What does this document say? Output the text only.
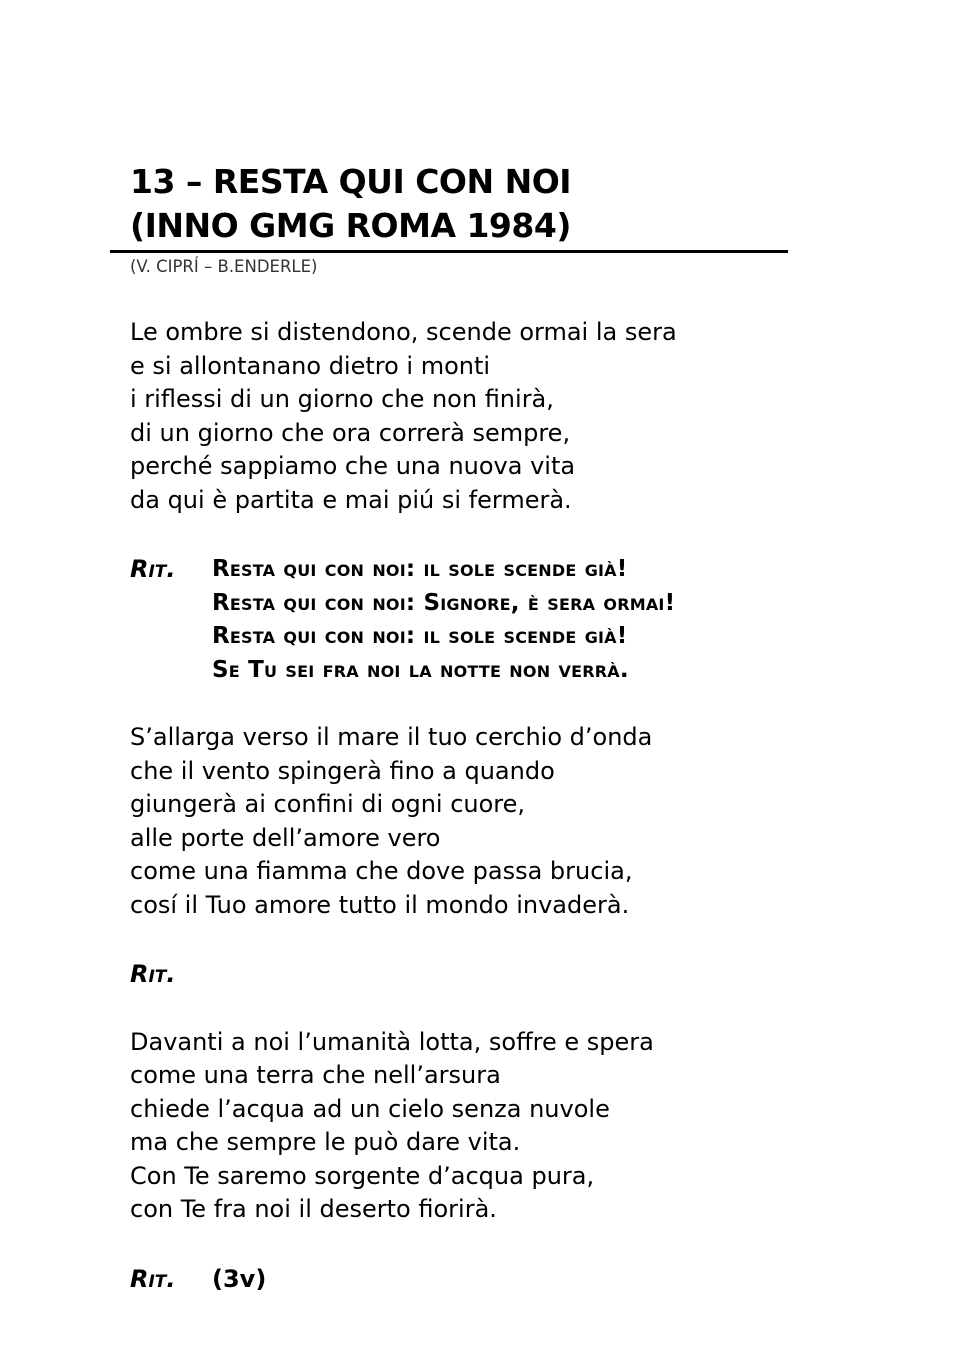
13 – RESTA QUI CON NOI
(INNO GMG ROMA 1984)
(V. CIPRÍ – B.ENDERLE)
Le ombre si distendono, scende ormai la sera
e si allontanano dietro i monti
i riflessi di un giorno che non finirà,
di un giorno che ora correrà sempre,
perché sappiamo che una nuova vita
da qui è partita e mai piú si fermerà.
Rit.	Resta qui con noi: il sole scende già!
Resta qui con noi: Signore, è sera ormai!
Resta qui con noi: il sole scende già!
Se Tu sei fra noi la notte non verrà.
S’allarga verso il mare il tuo cerchio d’onda
che il vento spingerà fino a quando
giungerà ai confini di ogni cuore,
alle porte dell’amore vero
come una fiamma che dove passa brucia,
cosí il Tuo amore tutto il mondo invaderà.
Rit.
Davanti a noi l’umanità lotta, soffre e spera
come una terra che nell’arsura
chiede l’acqua ad un cielo senza nuvole
ma che sempre le può dare vita.
Con Te saremo sorgente d’acqua pura,
con Te fra noi il deserto fiorirà.
Rit.	(3v)
